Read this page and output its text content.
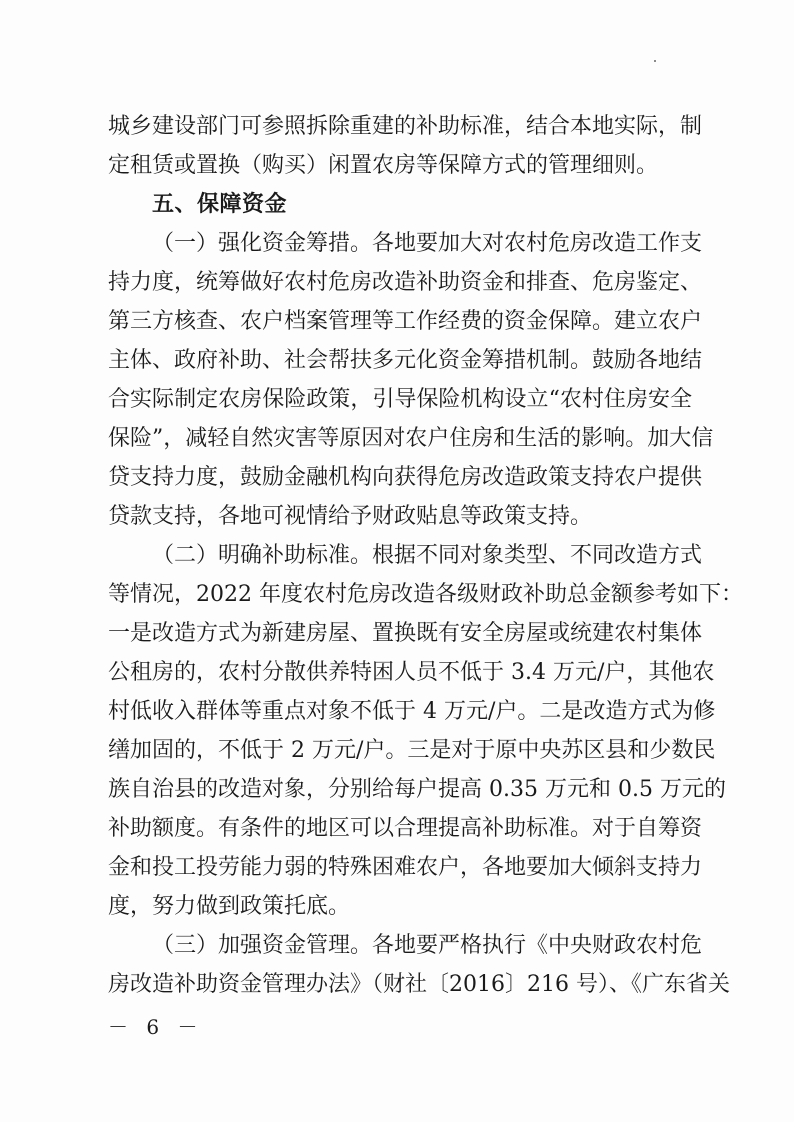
城乡建设部门可参照拆除重建的补助标准，结合本地实际，制
定租赁或置换（购买）闲置农房等保障方式的管理细则。
五、保障资金
（一）强化资金筹措。各地要加大对农村危房改造工作支
持力度，统筹做好农村危房改造补助资金和排查、危房鉴定、
第三方核查、农户档案管理等工作经费的资金保障。建立农户
主体、政府补助、社会帮扶多元化资金筹措机制。鼓励各地结
合实际制定农房保险政策，引导保险机构设立“农村住房安全
保险”，减轻自然灾害等原因对农户住房和生活的影响。加大信
贷支持力度，鼓励金融机构向获得危房改造政策支持农户提供
贷款支持，各地可视情给予财政贴息等政策支持。
（二）明确补助标准。根据不同对象类型、不同改造方式
等情况，2022 年度农村危房改造各级财政补助总金额参考如下：
一是改造方式为新建房屋、置换既有安全房屋或统建农村集体
公租房的，农村分散供养特困人员不低于 3.4 万元/户，其他农
村低收入群体等重点对象不低于 4 万元/户。二是改造方式为修
缮加固的，不低于 2 万元/户。三是对于原中央苏区县和少数民
族自治县的改造对象，分别给每户提高 0.35 万元和 0.5 万元的
补助额度。有条件的地区可以合理提高补助标准。对于自筹资
金和投工投劳能力弱的特殊困难农户，各地要加大倾斜支持力
度，努力做到政策托底。
（三）加强资金管理。各地要严格执行《中央财政农村危
房改造补助资金管理办法》（财社〔2016〕216 号）、《广东省关
－ 6 －
